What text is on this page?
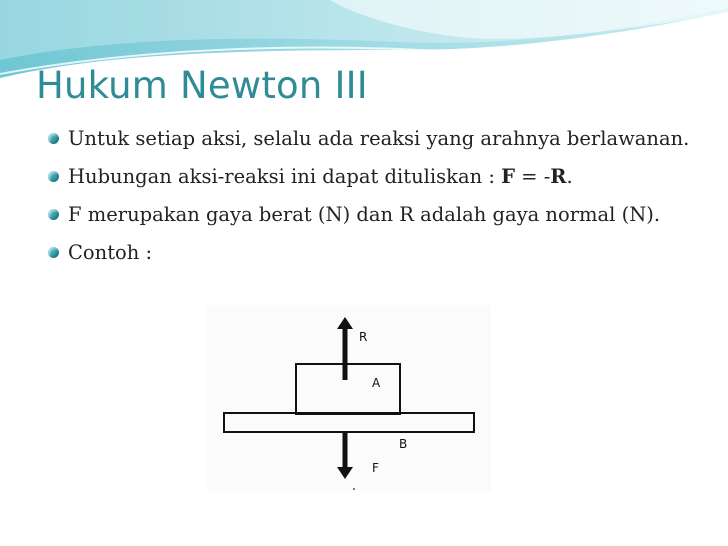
Hukum Newton III
Untuk setiap aksi, selalu ada reaksi yang arahnya berlawanan.
Hubungan aksi-reaksi ini dapat dituliskan : F = -R.
F merupakan gaya berat (N) dan R adalah gaya normal (N).
Contoh :
R
A
B
F
